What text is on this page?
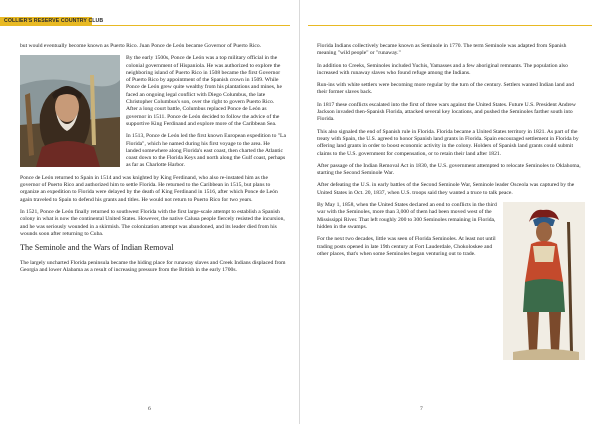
COLLIER'S RESERVE COUNTRY CLUB

but would eventually become known as Puerto Rico. Juan Ponce de León became Governor of Puerto Rico.

By the early 1500s, Ponce de León was a top military official in the colonial government of Hispaniola. He was authorized to explore the neighboring island of Puerto Rico in 1508 became the first Governor of Puerto Rico by appointment of the Spanish crown in 1509. While Ponce de León grew quite wealthy from his plantations and mines, he faced an ongoing legal conflict with Diego Columbus, the late Christopher Columbus's son, over the right to govern Puerto Rico. After a long court battle, Columbus replaced Ponce de León as governor in 1511. Ponce de León decided to follow the advice of the supportive King Ferdinand and explore more of the Caribbean Sea.

In 1513, Ponce de León led the first known European expedition to "La Florida", which he named during his first voyage to the area. He landed somewhere along Florida's east coast, then charted the Atlantic coast down to the Florida Keys and north along the Gulf coast, perhaps as far as Charlotte Harbor.

Ponce de León returned to Spain in 1514 and was knighted by King Ferdinand, who also re-instated him as the governor of Puerto Rico and authorized him to settle Florida. He returned to the Caribbean in 1515, but plans to organize an expedition to Florida were delayed by the death of King Ferdinand in 1516, after which Ponce de León again traveled to Spain to defend his grants and titles. He would not return to Puerto Rico for two years.

In 1521, Ponce de León finally returned to southwest Florida with the first large-scale attempt to establish a Spanish colony in what is now the continental United States. However, the native Calusa people fiercely resisted the incursion, and he was seriously wounded in a skirmish. The colonization attempt was abandoned, and its leader died from his wounds soon after returning to Cuba.

The Seminole and the Wars of Indian Removal

The largely uncharted Florida peninsula became the hiding place for runaway slaves and Creek Indians displaced from Georgia and lower Alabama as a result of increasing pressure from the British in the early 1700s.

6

Florida Indians collectively became known as Seminole in 1770. The term Seminole was adapted from Spanish meaning "wild people" or "runaway."

In addition to Creeks, Seminoles included Yuchis, Yamasses and a few aboriginal remnants. The population also increased with runaway slaves who found refuge among the Indians.

Run-ins with white settlers were becoming more regular by the turn of the century. Settlers wanted Indian land and their former slaves back.

In 1817 these conflicts escalated into the first of three wars against the United States. Future U.S. President Andrew Jackson invaded then-Spanish Florida, attacked several key locations, and pushed the Seminoles farther south into Florida.

This also signaled the end of Spanish rule in Florida. Florida became a United States territory in 1821. As part of the treaty with Spain, the U.S. agreed to honor Spanish land grants in Florida. Spain encouraged settlement in Florida by offering land grants in order to boost economic activity in the colony. Holders of Spanish land grants could submit claims to the U.S. government for compensation, or to retain their land after 1821.

After passage of the Indian Removal Act in 1830, the U.S. government attempted to relocate Seminoles to Oklahoma, starting the Second Seminole War.

After defeating the U.S. in early battles of the Second Seminole War, Seminole leader Osceola was captured by the United States in Oct. 20, 1837, when U.S. troops said they wanted a truce to talk peace.

By May 1, 1858, when the United States declared an end to conflicts in the third war with the Seminoles, more than 3,000 of them had been moved west of the Mississippi River. That left roughly 200 to 300 Seminoles remaining in Florida, hidden in the swamps.

For the next two decades, little was seen of Florida Seminoles. At least not until trading posts opened in late 19th century at Fort Lauderdale, Chokoloskee and other places, that's when some Seminoles began venturing out to trade.

7
